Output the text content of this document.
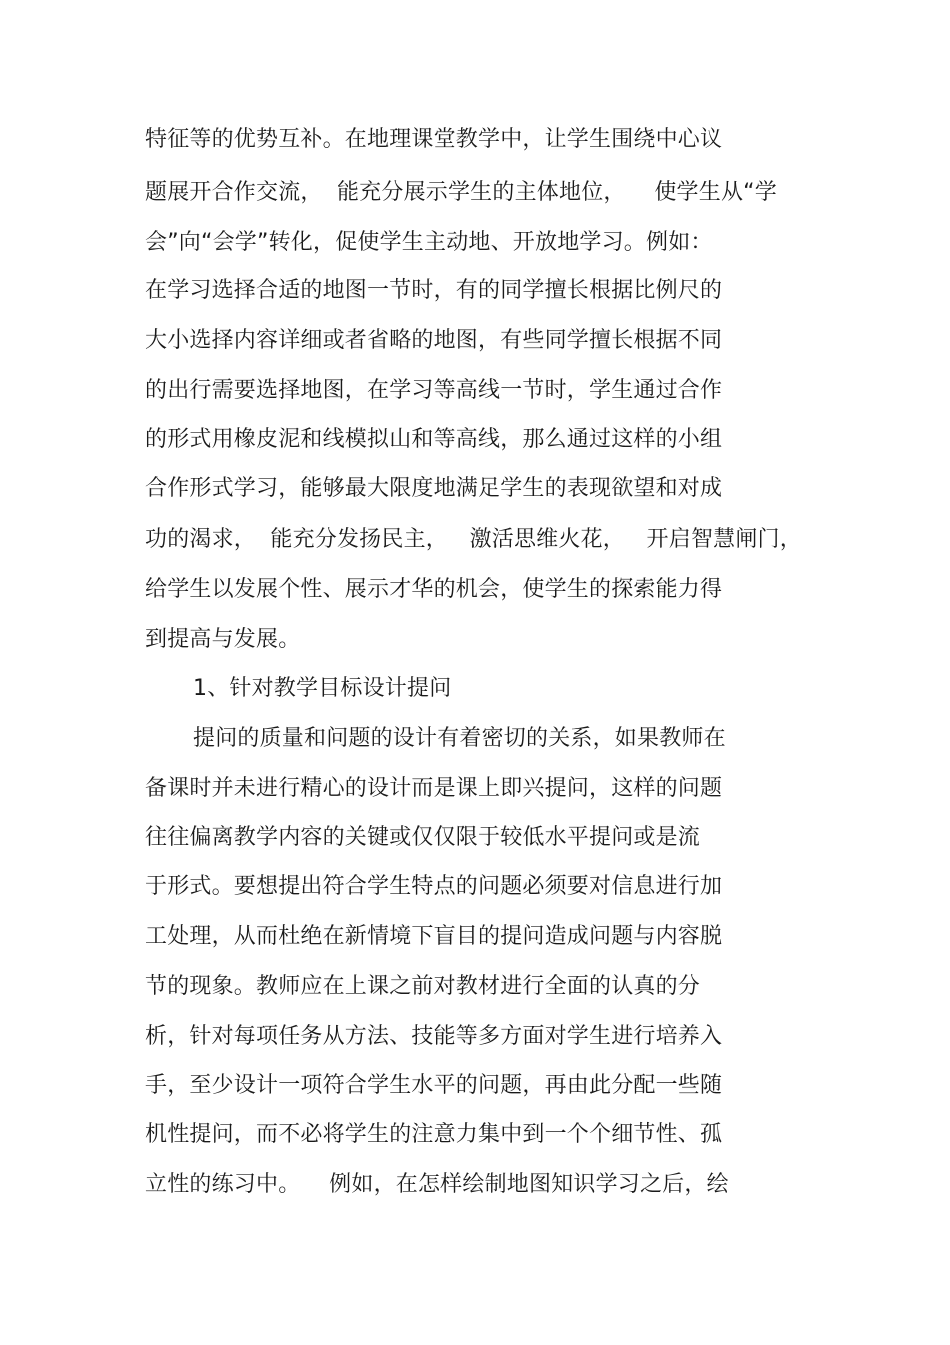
特征等的优势互补。在地理课堂教学中，让学生围绕中心议
题展开合作交流，  能充分展示学生的主体地位，    使学生从“学
会”向“会学”转化，促使学生主动地、开放地学习。例如：
在学习选择合适的地图一节时，有的同学擅长根据比例尺的
大小选择内容详细或者省略的地图，有些同学擅长根据不同
的出行需要选择地图，在学习等高线一节时，学生通过合作
的形式用橡皮泥和线模拟山和等高线，那么通过这样的小组
合作形式学习，能够最大限度地满足学生的表现欲望和对成
功的渴求，  能充分发扬民主，   激活思维火花，   开启智慧闸门，
给学生以发展个性、展示才华的机会，使学生的探索能力得
到提高与发展。
1、针对教学目标设计提问
提问的质量和问题的设计有着密切的关系，如果教师在
备课时并未进行精心的设计而是课上即兴提问，这样的问题
往往偏离教学内容的关键或仅仅限于较低水平提问或是流
于形式。要想提出符合学生特点的问题必须要对信息进行加
工处理，从而杜绝在新情境下盲目的提问造成问题与内容脱
节的现象。教师应在上课之前对教材进行全面的认真的分
析，针对每项任务从方法、技能等多方面对学生进行培养入
手，至少设计一项符合学生水平的问题，再由此分配一些随
机性提问，而不必将学生的注意力集中到一个个细节性、孤
立性的练习中。    例如，在怎样绘制地图知识学习之后，绘
